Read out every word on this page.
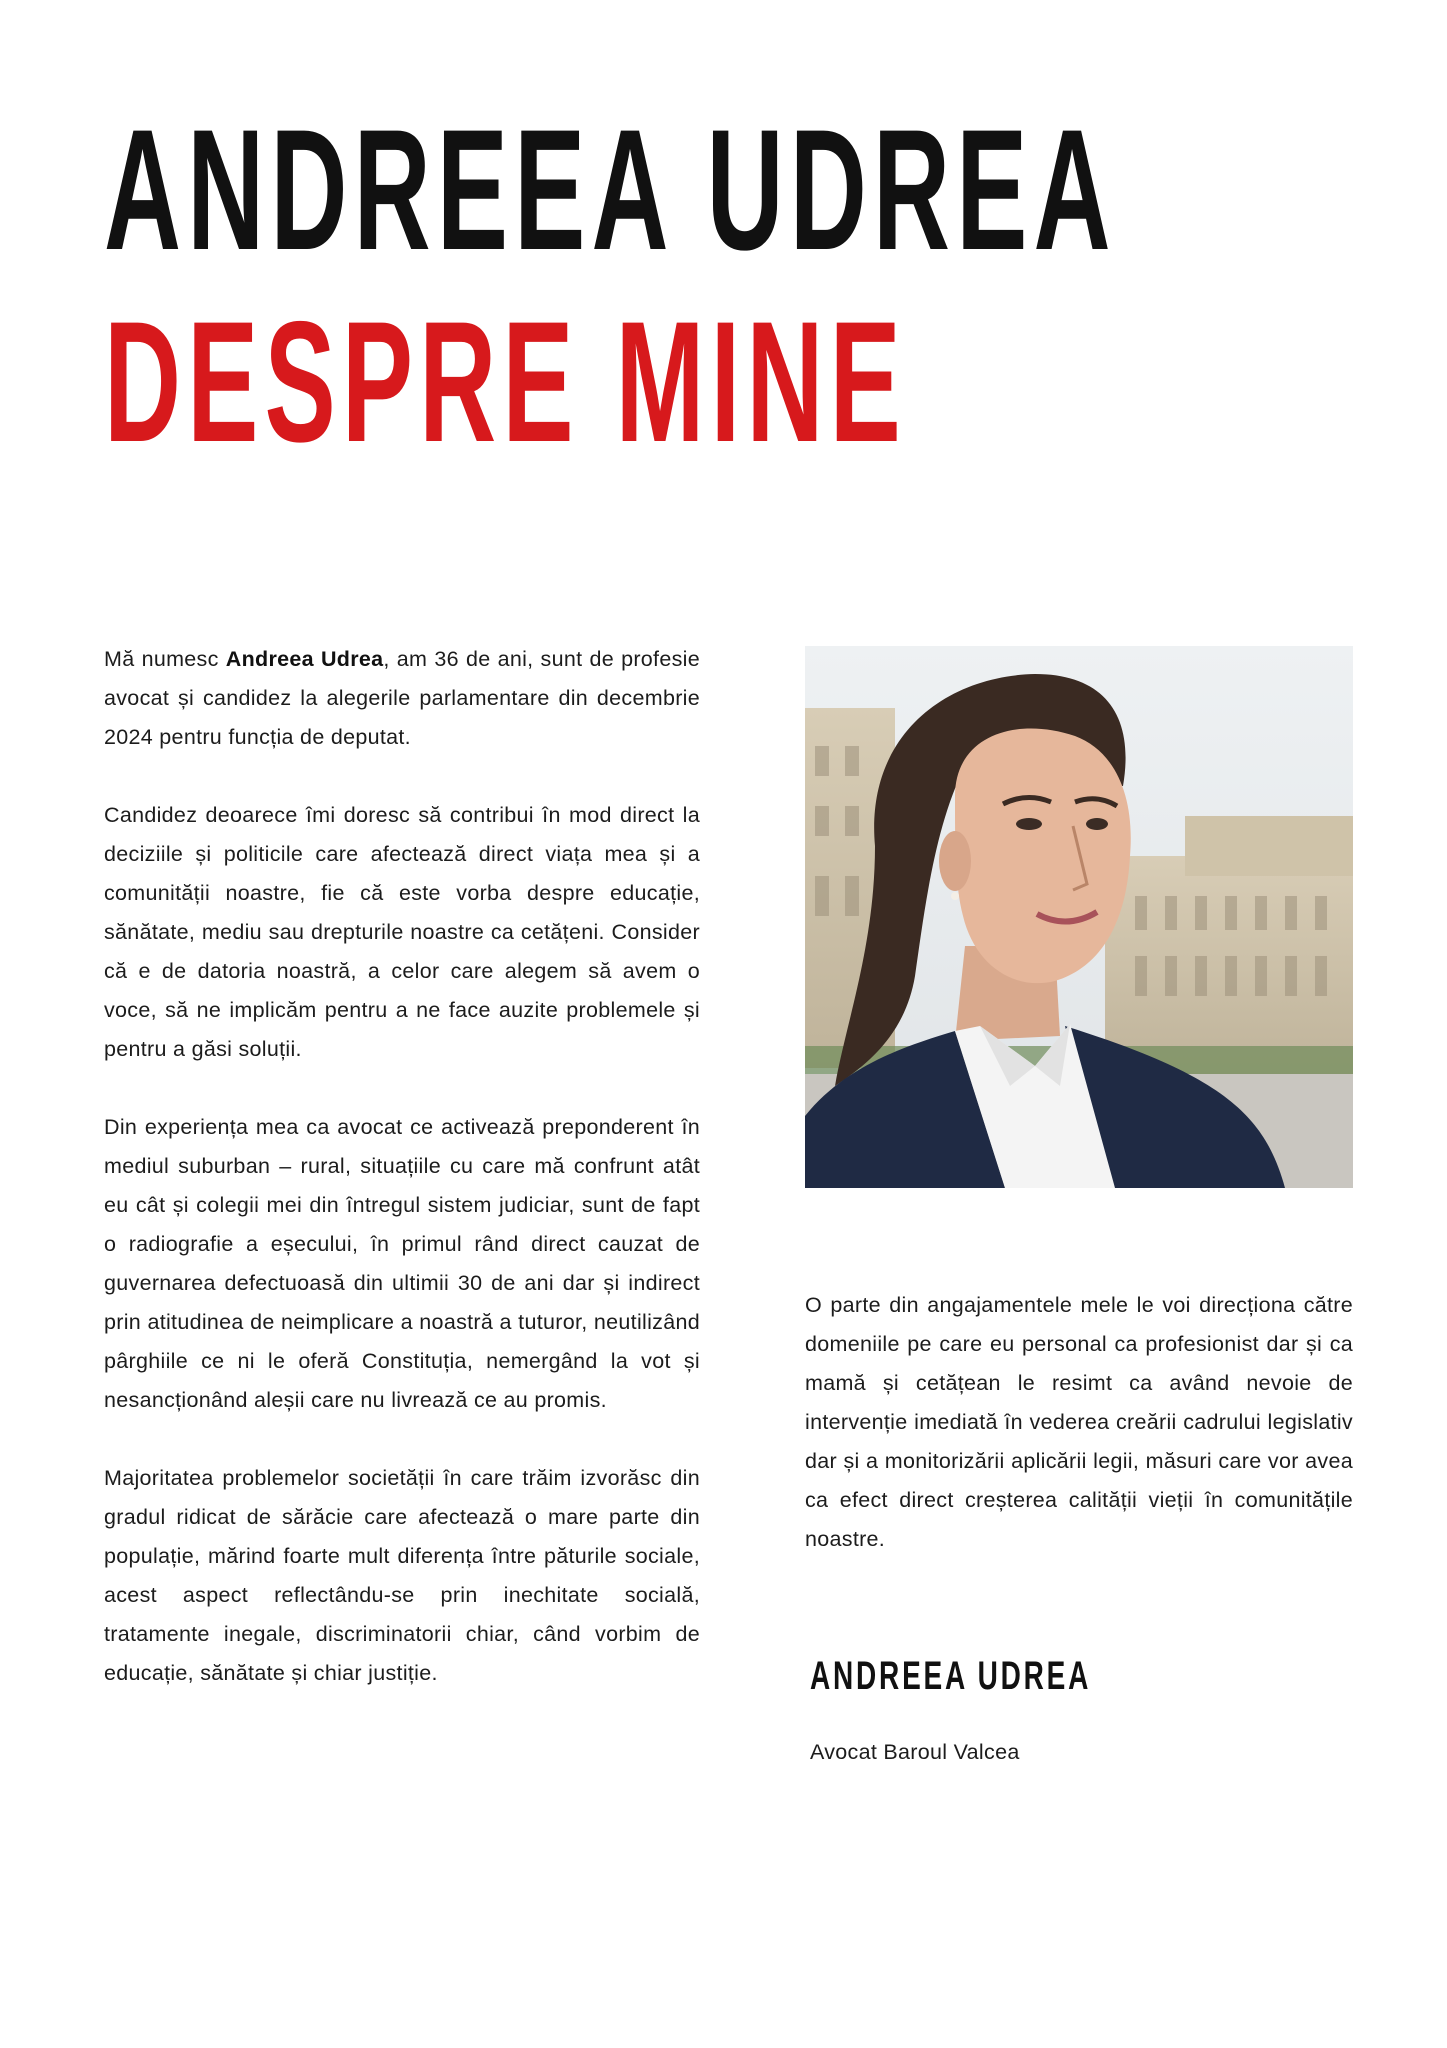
ANDREEA UDREA
DESPRE MINE

Mă numesc Andreea Udrea, am 36 de ani, sunt de profesie avocat și candidez la alegerile parlamentare din decembrie 2024 pentru funcția de deputat.

Candidez deoarece îmi doresc să contribui în mod direct la deciziile și politicile care afectează direct viața mea și a comunității noastre, fie că este vorba despre educație, sănătate, mediu sau drepturile noastre ca cetățeni. Consider că e de datoria noastră, a celor care alegem să avem o voce, să ne implicăm pentru a ne face auzite problemele și pentru a găsi soluții.

Din experiența mea ca avocat ce activează preponderent în mediul suburban – rural, situațiile cu care mă confrunt atât eu cât și colegii mei din întregul sistem judiciar, sunt de fapt o radiografie a eșecului, în primul rând direct cauzat de guvernarea defectuoasă din ultimii 30 de ani dar și indirect prin atitudinea de neimplicare a noastră a tuturor, neutilizând pârghiile ce ni le oferă Constituția, nemergând la vot și nesancționând aleșii care nu livrează ce au promis.

Majoritatea problemelor societății în care trăim izvorăsc din gradul ridicat de sărăcie care afectează o mare parte din populație, mărind foarte mult diferența între păturile sociale, acest aspect reflectându-se prin inechitate socială, tratamente inegale, discriminatorii chiar, când vorbim de educație, sănătate și chiar justiție.

O parte din angajamentele mele le voi direcționa către domeniile pe care eu personal ca profesionist dar și ca mamă și cetățean le resimt ca având nevoie de intervenție imediată în vederea creării cadrului legislativ dar și a monitorizării aplicării legii, măsuri care vor avea ca efect direct creșterea calității vieții în comunitățile noastre.

ANDREEA UDREA
Avocat Baroul Valcea
